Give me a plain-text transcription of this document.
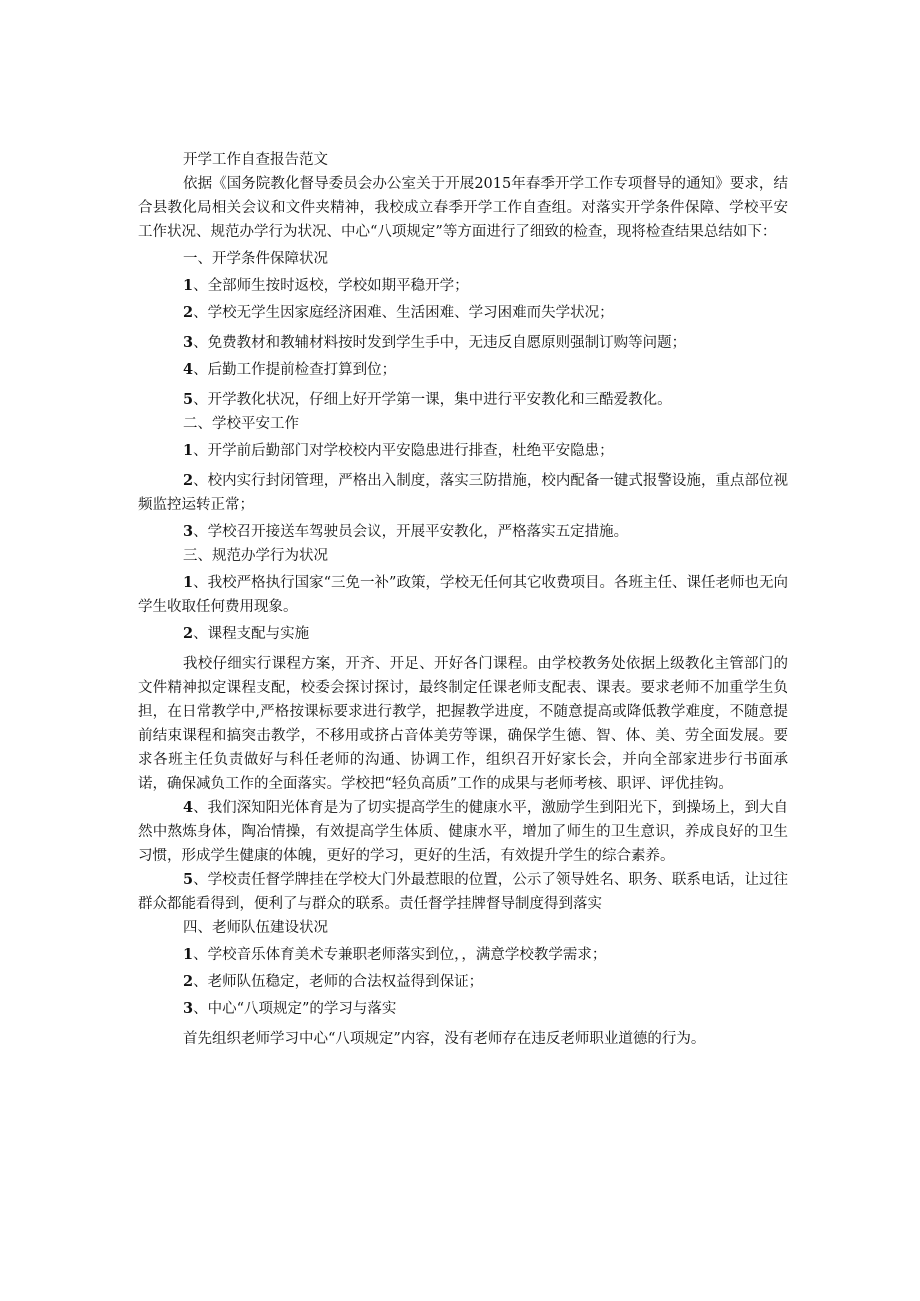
开学工作自查报告范文

依据《国务院教化督导委员会办公室关于开展2015年春季开学工作专项督导的通知》要求，结合县教化局相关会议和文件夹精神，我校成立春季开学工作自查组。对落实开学条件保障、学校平安工作状况、规范办学行为状况、中心“八项规定”等方面进行了细致的检查，现将检查结果总结如下：

一、开学条件保障状况

1、全部师生按时返校，学校如期平稳开学；

2、学校无学生因家庭经济困难、生活困难、学习困难而失学状况；

3、免费教材和教辅材料按时发到学生手中，无违反自愿原则强制订购等问题；

4、后勤工作提前检查打算到位；

5、开学教化状况，仔细上好开学第一课，集中进行平安教化和三酷爱教化。

二、学校平安工作

1、开学前后勤部门对学校校内平安隐患进行排查，杜绝平安隐患；

2、校内实行封闭管理，严格出入制度，落实三防措施，校内配备一键式报警设施，重点部位视频监控运转正常；

3、学校召开接送车驾驶员会议，开展平安教化，严格落实五定措施。

三、规范办学行为状况

1、我校严格执行国家“三免一补”政策，学校无任何其它收费项目。各班主任、课任老师也无向学生收取任何费用现象。

2、课程支配与实施

我校仔细实行课程方案，开齐、开足、开好各门课程。由学校教务处依据上级教化主管部门的文件精神拟定课程支配，校委会探讨探讨，最终制定任课老师支配表、课表。要求老师不加重学生负担，在日常教学中,严格按课标要求进行教学，把握教学进度，不随意提高或降低教学难度，不随意提前结束课程和搞突击教学，不移用或挤占音体美劳等课，确保学生德、智、体、美、劳全面发展。要求各班主任负责做好与科任老师的沟通、协调工作，组织召开好家长会，并向全部家进步行书面承诺，确保减负工作的全面落实。学校把“轻负高质”工作的成果与老师考核、职评、评优挂钩。

4、我们深知阳光体育是为了切实提高学生的健康水平，激励学生到阳光下，到操场上，到大自然中熬炼身体，陶冶情操，有效提高学生体质、健康水平，增加了师生的卫生意识，养成良好的卫生习惯，形成学生健康的体魄，更好的学习，更好的生活，有效提升学生的综合素养。

5、学校责任督学牌挂在学校大门外最惹眼的位置，公示了领导姓名、职务、联系电话，让过往群众都能看得到，便利了与群众的联系。责任督学挂牌督导制度得到落实

四、老师队伍建设状况

1、学校音乐体育美术专兼职老师落实到位，，满意学校教学需求；

2、老师队伍稳定，老师的合法权益得到保证；

3、中心“八项规定”的学习与落实

首先组织老师学习中心“八项规定”内容，没有老师存在违反老师职业道德的行为。
